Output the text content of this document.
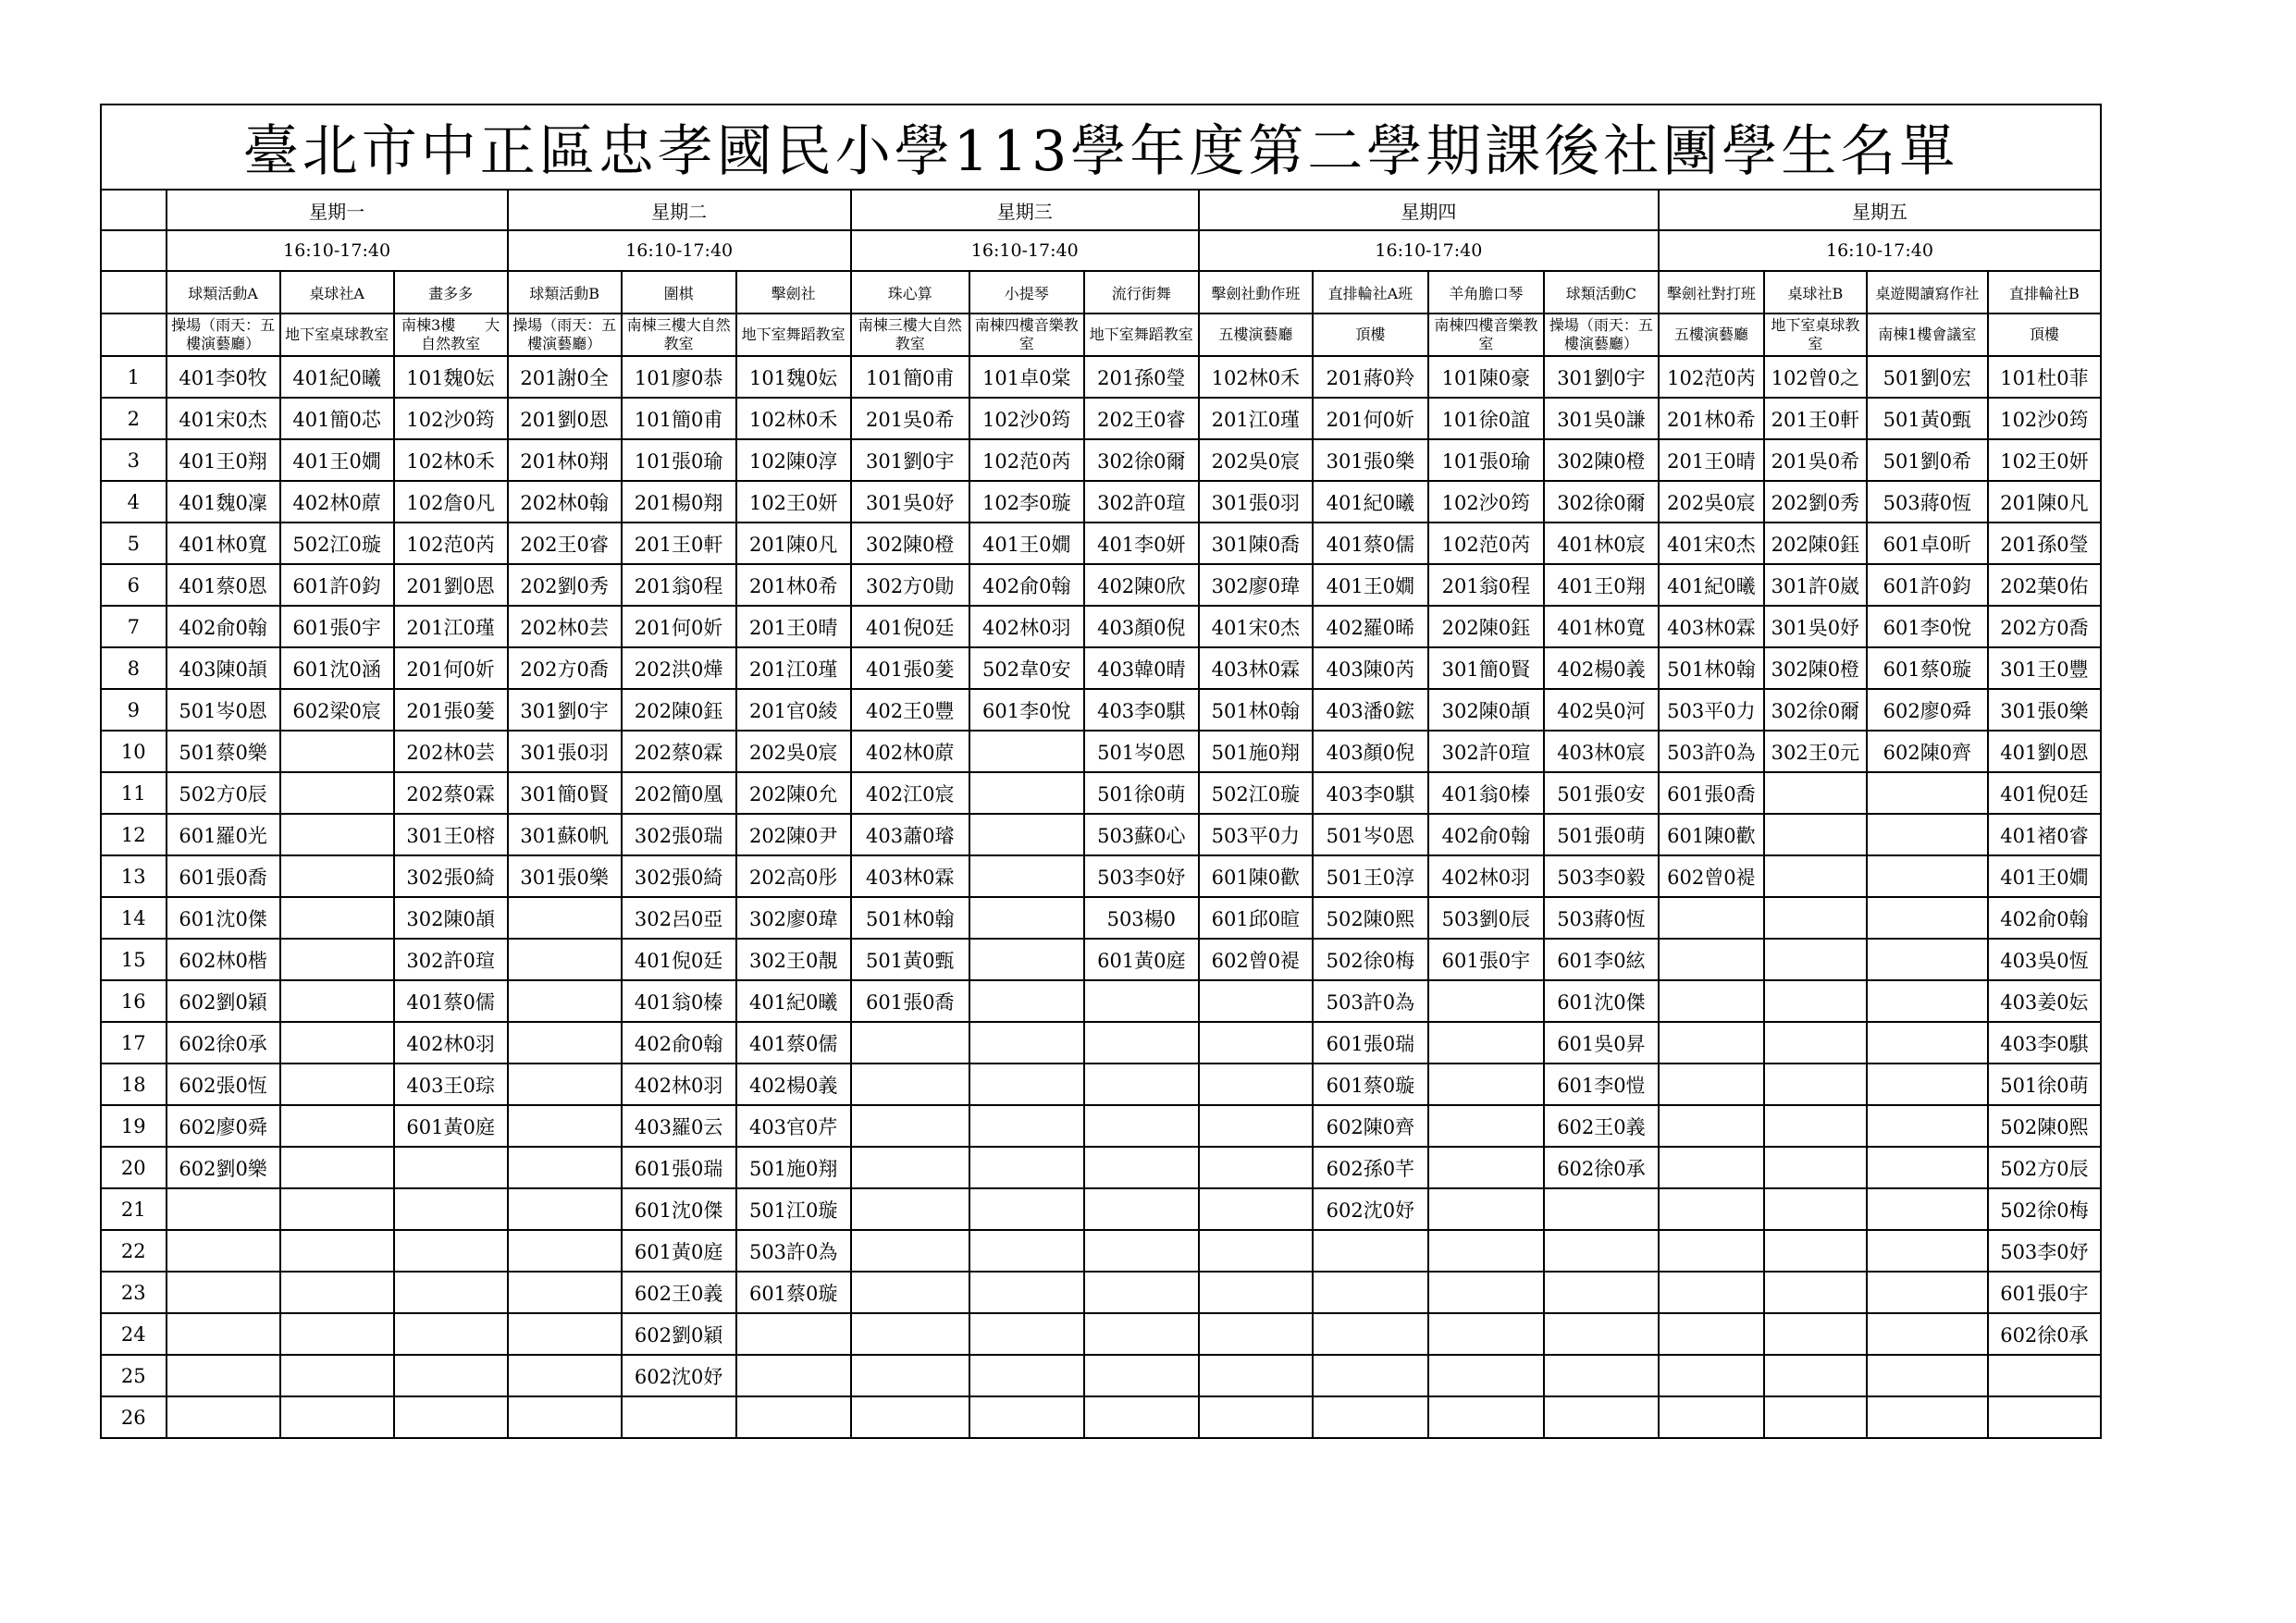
臺北市中正區忠孝國民小學113學年度第二學期課後社團學生名單																	
	星期一			星期二			星期三			星期四				星期五			
	16:10-17:40			16:10-17:40			16:10-17:40			16:10-17:40				16:10-17:40			
	球類活動A	桌球社A	畫多多	球類活動B	圍棋	擊劍社	珠心算	小提琴	流行街舞	擊劍社動作班	直排輪社A班	羊角膽口琴	球類活動C	擊劍社對打班	桌球社B	桌遊閱讀寫作社	直排輪社B
	操場（雨天：五樓演藝廳）	地下室桌球教室	南棟3樓　　大自然教室	操場（雨天：五樓演藝廳）	南棟三樓大自然教室	地下室舞蹈教室	南棟三樓大自然教室	南棟四樓音樂教室	地下室舞蹈教室	五樓演藝廳	頂樓	南棟四樓音樂教室	操場（雨天：五樓演藝廳）	五樓演藝廳	地下室桌球教室	南棟1樓會議室	頂樓
1	401李0牧	401紀0曦	101魏0妘	201謝0全	101廖0恭	101魏0妘	101簡0甫	101卓0棠	201孫0瑩	102林0禾	201蔣0羚	101陳0豪	301劉0宇	102范0芮	102曾0之	501劉0宏	101杜0菲
2	401宋0杰	401簡0芯	102沙0筠	201劉0恩	101簡0甫	102林0禾	201吳0希	102沙0筠	202王0睿	201江0瑾	201何0妡	101徐0誼	301吳0謙	201林0希	201王0軒	501黃0甄	102沙0筠
3	401王0翔	401王0嫺	102林0禾	201林0翔	101張0瑜	102陳0淳	301劉0宇	102范0芮	302徐0爾	202吳0宸	301張0樂	101張0瑜	302陳0橙	201王0晴	201吳0希	501劉0希	102王0妍
4	401魏0凜	402林0蒝	102詹0凡	202林0翰	201楊0翔	102王0妍	301吳0妤	102李0璇	302許0瑄	301張0羽	401紀0曦	102沙0筠	302徐0爾	202吳0宸	202劉0秀	503蔣0恆	201陳0凡
5	401林0寬	502江0璇	102范0芮	202王0睿	201王0軒	201陳0凡	302陳0橙	401王0嫺	401李0妍	301陳0喬	401蔡0儒	102范0芮	401林0宸	401宋0杰	202陳0鈺	601卓0昕	201孫0瑩
6	401蔡0恩	601許0鈞	201劉0恩	202劉0秀	201翁0程	201林0希	302方0勛	402俞0翰	402陳0欣	302廖0瑋	401王0嫺	201翁0程	401王0翔	401紀0曦	301許0崴	601許0鈞	202葉0佑
7	402俞0翰	601張0宇	201江0瑾	202林0芸	201何0妡	201王0晴	401倪0廷	402林0羽	403顏0倪	401宋0杰	402羅0晞	202陳0鈺	401林0寬	403林0霖	301吳0妤	601李0悅	202方0喬
8	403陳0頡	601沈0涵	201何0妡	202方0喬	202洪0燁	201江0瑾	401張0蓌	502韋0安	403韓0晴	403林0霖	403陳0芮	301簡0賢	402楊0義	501林0翰	302陳0橙	601蔡0璇	301王0豐
9	501岑0恩	602梁0宸	201張0蓌	301劉0宇	202陳0鈺	201官0綾	402王0豐	601李0悅	403李0騏	501林0翰	403潘0鋐	302陳0頡	402吳0河	503平0力	302徐0爾	602廖0舜	301張0樂
10	501蔡0樂		202林0芸	301張0羽	202蔡0霖	202吳0宸	402林0蒝		501岑0恩	501施0翔	403顏0倪	302許0瑄	403林0宸	503許0為	302王0元	602陳0齊	401劉0恩
11	502方0辰		202蔡0霖	301簡0賢	202簡0凰	202陳0允	402江0宸		501徐0萌	502江0璇	403李0騏	401翁0榛	501張0安	601張0喬			401倪0廷
12	601羅0光		301王0榕	301蘇0帆	302張0瑞	202陳0尹	403蕭0璿		503蘇0心	503平0力	501岑0恩	402俞0翰	501張0萌	601陳0歡			401褚0睿
13	601張0喬		302張0綺	301張0樂	302張0綺	202高0彤	403林0霖		503李0妤	601陳0歡	501王0淳	402林0羽	503李0毅	602曾0褆			401王0嫺
14	601沈0傑		302陳0頡		302呂0亞	302廖0瑋	501林0翰		503楊0	601邱0暄	502陳0熙	503劉0辰	503蔣0恆				402俞0翰
15	602林0楷		302許0瑄		401倪0廷	302王0靚	501黃0甄		601黃0庭	602曾0褆	502徐0梅	601張0宇	601李0絃				403吳0恆
16	602劉0穎		401蔡0儒		401翁0榛	401紀0曦	601張0喬				503許0為		601沈0傑				403姜0妘
17	602徐0承		402林0羽		402俞0翰	401蔡0儒					601張0瑞		601吳0昇				403李0騏
18	602張0恆		403王0琮		402林0羽	402楊0義					601蔡0璇		601李0愷				501徐0萌
19	602廖0舜		601黃0庭		403羅0云	403官0芹					602陳0齊		602王0義				502陳0熙
20	602劉0樂				601張0瑞	501施0翔					602孫0芊		602徐0承				502方0辰
21					601沈0傑	501江0璇					602沈0妤						502徐0梅
22					601黃0庭	503許0為											503李0妤
23					602王0義	601蔡0璇											601張0宇
24					602劉0穎												602徐0承
25					602沈0妤												
26																	
